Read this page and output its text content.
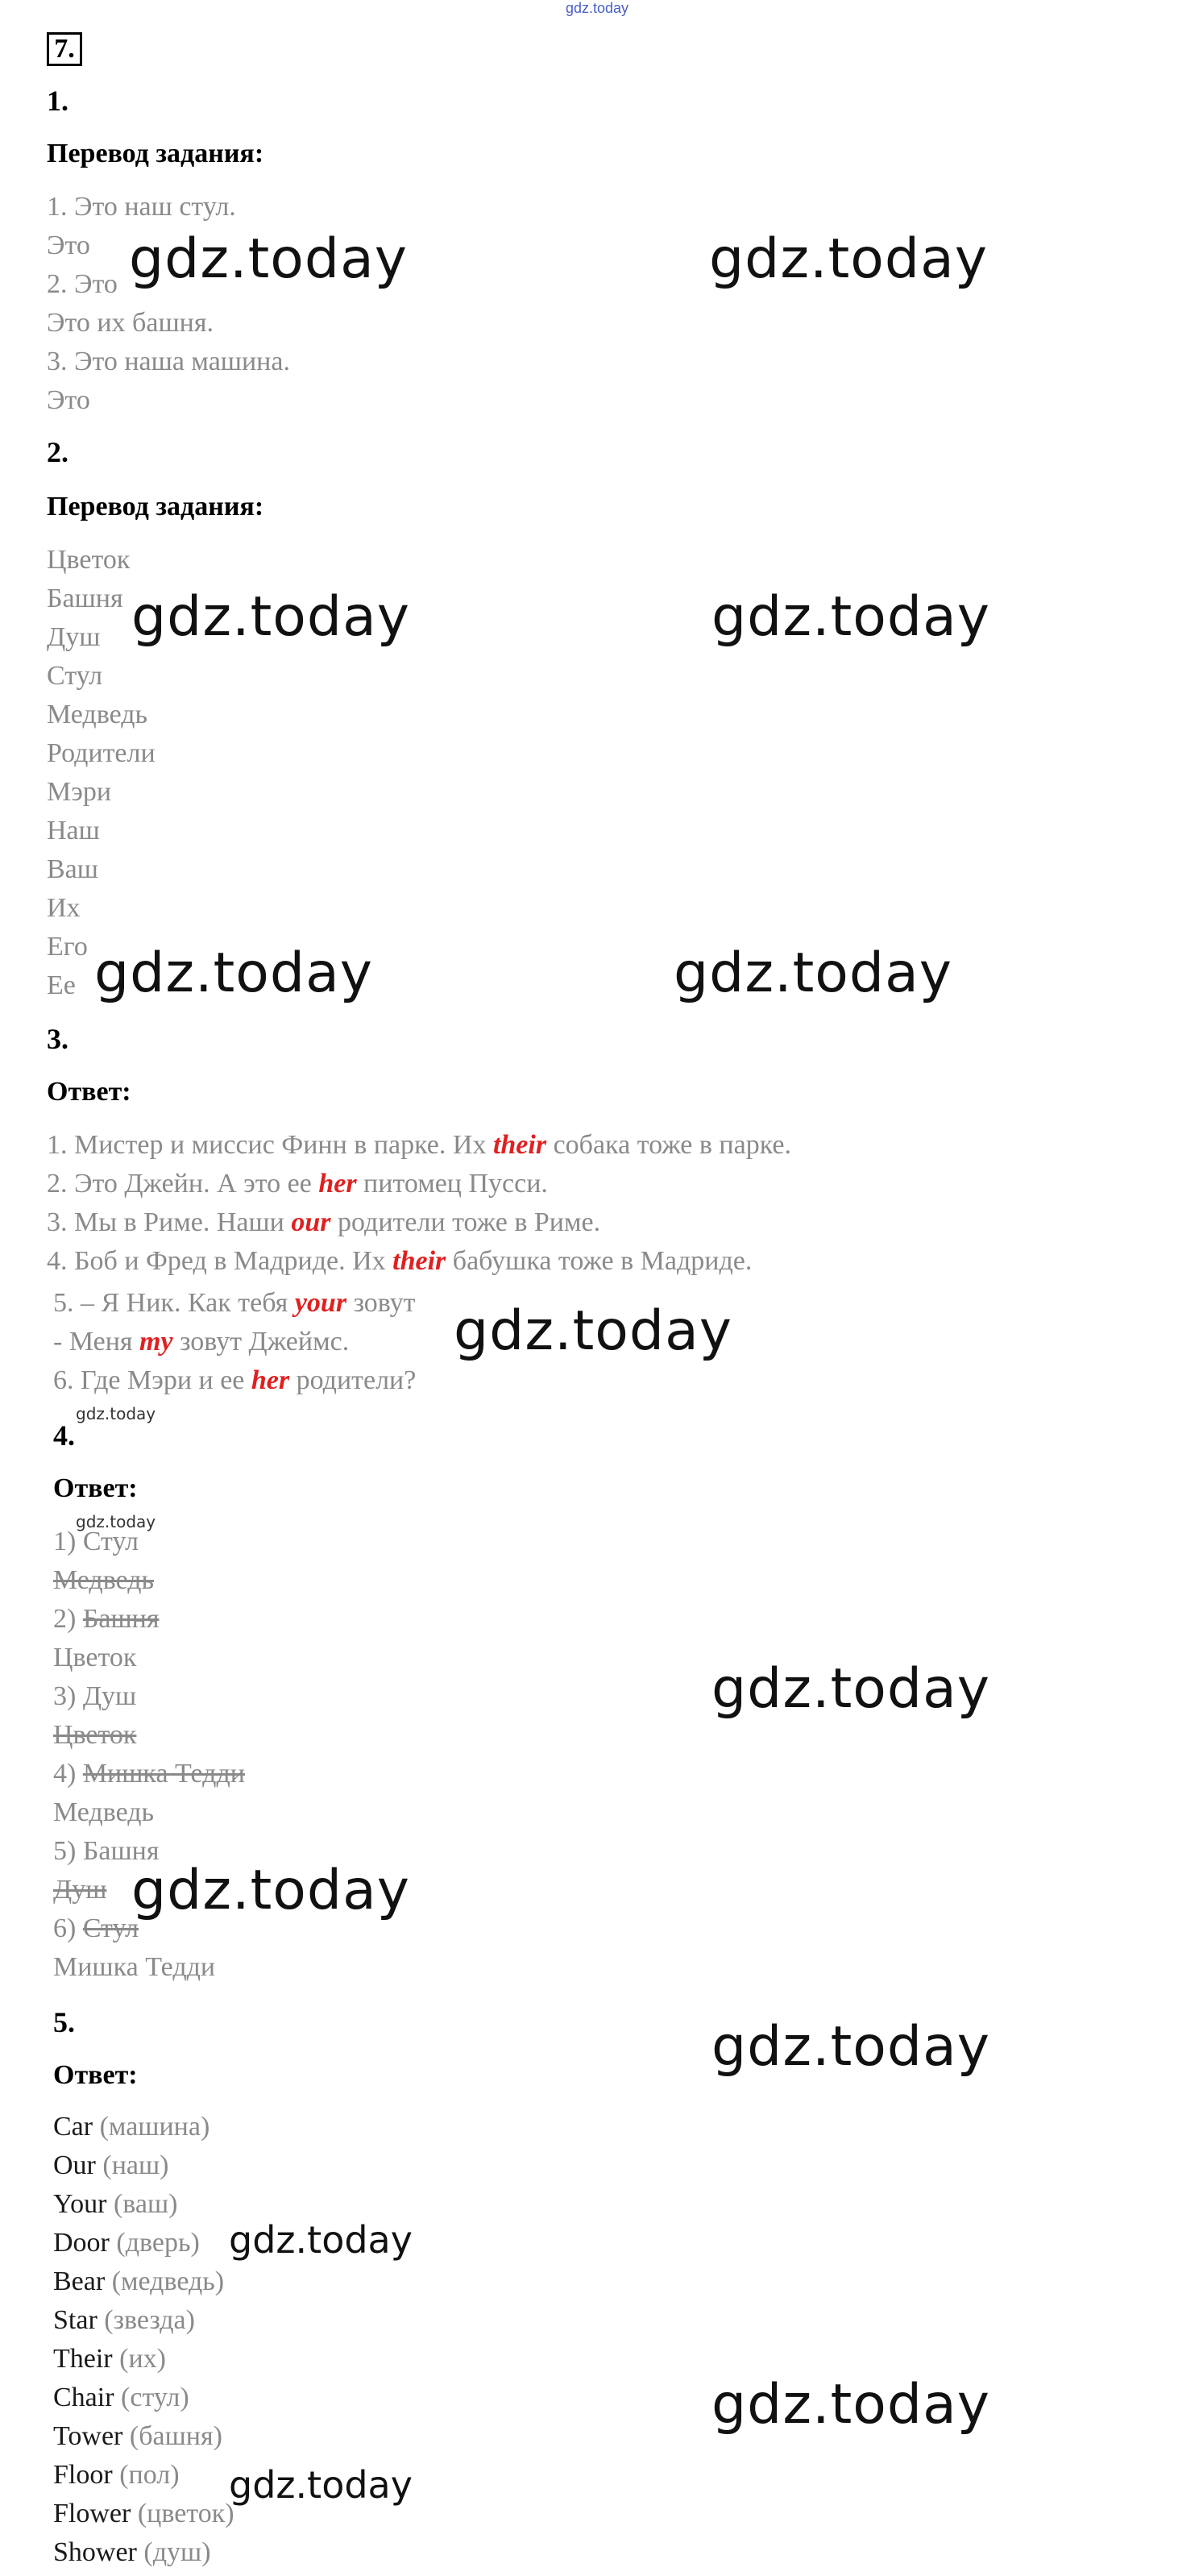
gdz.today
7.
1.
Перевод задания:
1. Это наш стул.
Это
2. Это
Это их башня.
3. Это наша машина.
Это
2.
Перевод задания:
Цветок
Башня
Душ
Стул
Медведь
Родители
Мэри
Наш
Ваш
Их
Его
Ее
3.
Ответ:
1. Мистер и миссис Финн в парке. Их their собака тоже в парке.
2. Это Джейн. А это ее her питомец Пусси.
3. Мы в Риме. Наши our родители тоже в Риме.
4. Боб и Фред в Мадриде. Их their бабушка тоже в Мадриде.
5. – Я Ник. Как тебя your зовут
- Меня my зовут Джеймс.
6. Где Мэри и ее her родители?
4.
Ответ:
1) Стул
Медведь
2) Башня
Цветок
3) Душ
Цветок
4) Мишка Тедди
Медведь
5) Башня
Душ
6) Стул
Мишка Тедди
5.
Ответ:
Car (машина)
Our (наш)
Your (ваш)
Door (дверь)
Bear (медведь)
Star (звезда)
Their (их)
Chair (стул)
Tower (башня)
Floor (пол)
Flower (цветок)
Shower (душ)
gdz.today	gdz.today
gdz.today	gdz.today
gdz.today	gdz.today
gdz.today
gdz.today
gdz.today
gdz.today
gdz.today
gdz.today
gdz.today
gdz.today
gdz.today
